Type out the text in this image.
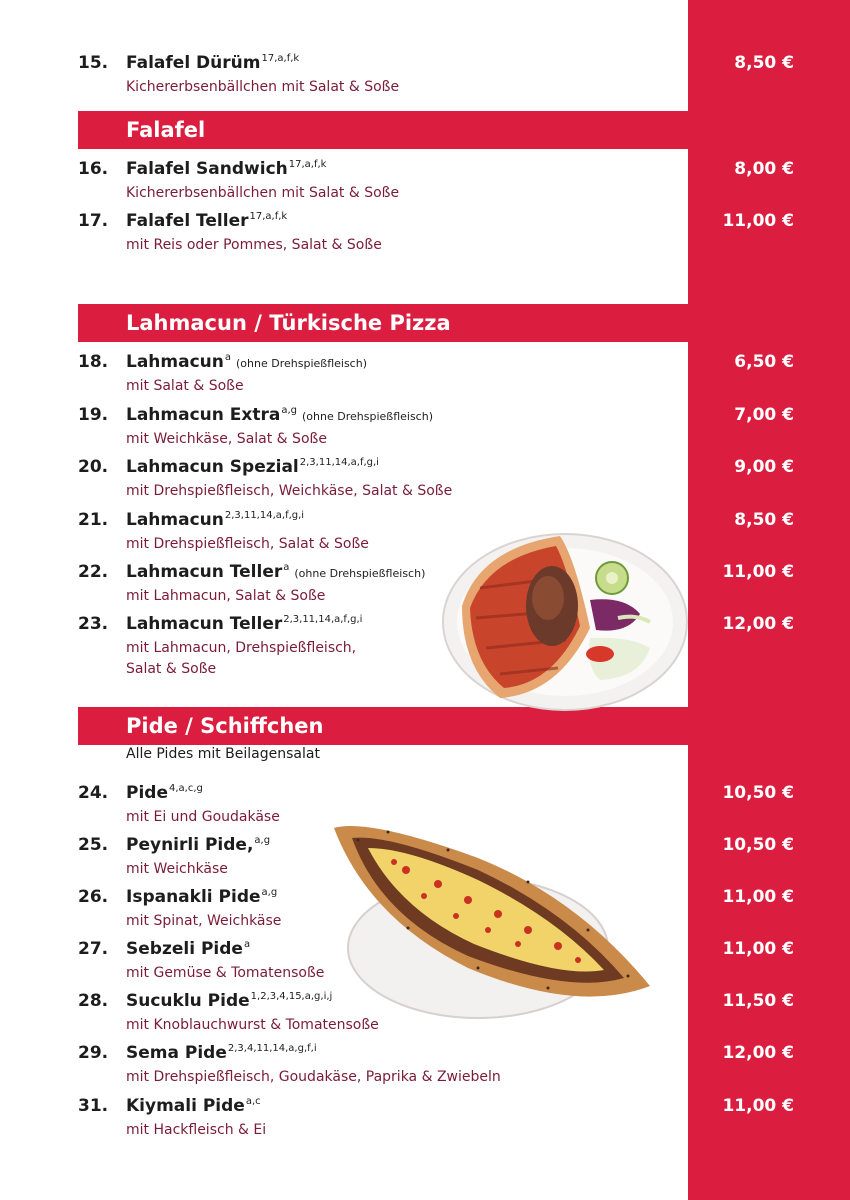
Falafel
Lahmacun / Türkische Pizza
Pide / Schiffchen
Alle Pides mit Beilagensalat
15. Falafel Dürüm$^{17,a,f,k}$
Kichererbsenbällchen mit Salat & Soße
8,50 €
16. Falafel Sandwich$^{17,a,f,k}$
Kichererbsenbällchen mit Salat & Soße
8,00 €
17. Falafel Teller$^{17,a,f,k}$
mit Reis oder Pommes, Salat & Soße
11,00 €
18. Lahmacun$^a$ (ohne Drehspießfleisch)
mit Salat & Soße
6,50 €
19. Lahmacun Extra$^{a,g}$ (ohne Drehspießfleisch)
mit Weichkäse, Salat & Soße
7,00 €
20. Lahmacun Spezial$^{2,3,11,14,a,f,g,i}$
mit Drehspießfleisch, Weichkäse, Salat & Soße
9,00 €
21. Lahmacun$^{2,3,11,14,a,f,g,i}$
mit Drehspießfleisch, Salat & Soße
8,50 €
22. Lahmacun Teller$^a$ (ohne Drehspießfleisch)
mit Lahmacun, Salat & Soße
11,00 €
23. Lahmacun Teller$^{2,3,11,14,a,f,g,i}$
mit Lahmacun, Drehspießfleisch,
Salat & Soße
12,00 €
24. Pide$^{4,a,c,g}$
mit Ei und Goudakäse
10,50 €
25. Peynirli Pide,$^{a,g}$
mit Weichkäse
10,50 €
26. Ispanakli Pide$^{a,g}$
mit Spinat, Weichkäse
11,00 €
27. Sebzeli Pide$^a$
mit Gemüse & Tomatensoße
11,00 €
28. Sucuklu Pide$^{1,2,3,4,15,a,g,i,j}$
mit Knoblauchwurst & Tomatensoße
11,50 €
29. Sema Pide$^{2,3,4,11,14,a,g,f,i}$
mit Drehspießfleisch, Goudakäse, Paprika & Zwiebeln
12,00 €
31. Kiymali Pide$^{a,c}$
mit Hackfleisch & Ei
11,00 €
